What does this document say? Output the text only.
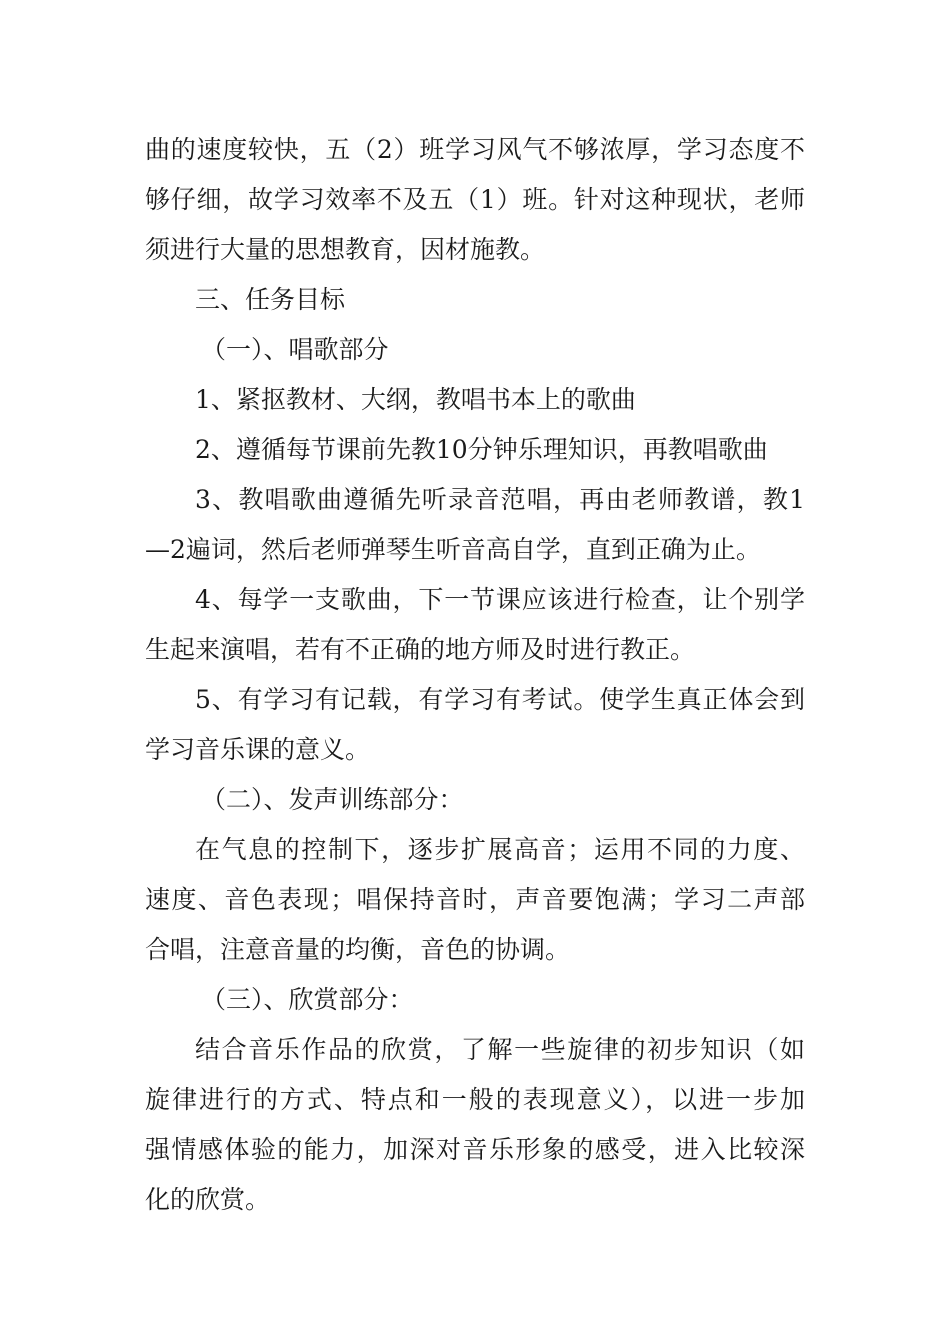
曲的速度较快，五（2）班学习风气不够浓厚，学习态度不
够仔细，故学习效率不及五（1）班。针对这种现状，老师
须进行大量的思想教育，因材施教。
三、任务目标
（一）、唱歌部分
1、紧抠教材、大纲，教唱书本上的歌曲
2、遵循每节课前先教10分钟乐理知识，再教唱歌曲
3、教唱歌曲遵循先听录音范唱，再由老师教谱，教1
—2遍词，然后老师弹琴生听音高自学，直到正确为止。
4、每学一支歌曲，下一节课应该进行检查，让个别学
生起来演唱，若有不正确的地方师及时进行教正。
5、有学习有记载，有学习有考试。使学生真正体会到
学习音乐课的意义。
（二）、发声训练部分：
在气息的控制下，逐步扩展高音；运用不同的力度、
速度、音色表现；唱保持音时，声音要饱满；学习二声部
合唱，注意音量的均衡，音色的协调。
（三）、欣赏部分：
结合音乐作品的欣赏，了解一些旋律的初步知识（如
旋律进行的方式、特点和一般的表现意义），以进一步加
强情感体验的能力，加深对音乐形象的感受，进入比较深
化的欣赏。
